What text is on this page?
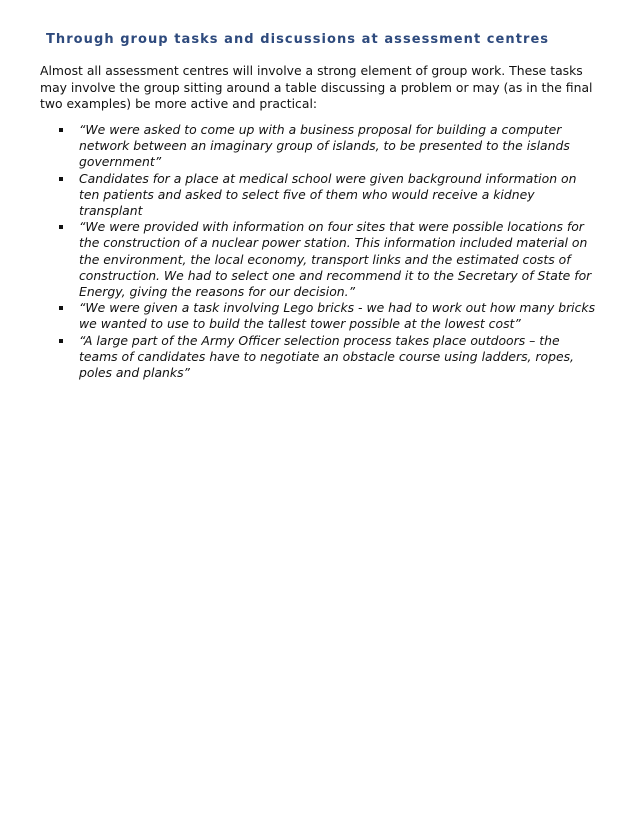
Through group tasks and discussions at assessment centres

Almost all assessment centres will involve a strong element of group work. These tasks may involve the group sitting around a table discussing a problem or may (as in the final two examples) be more active and practical:

“We were asked to come up with a business proposal for building a computer network between an imaginary group of islands, to be presented to the islands government”
Candidates for a place at medical school were given background information on ten patients and asked to select five of them who would receive a kidney transplant
“We were provided with information on four sites that were possible locations for the construction of a nuclear power station. This information included material on the environment, the local economy, transport links and the estimated costs of construction. We had to select one and recommend it to the Secretary of State for Energy, giving the reasons for our decision.”
“We were given a task involving Lego bricks - we had to work out how many bricks we wanted to use to build the tallest tower possible at the lowest cost”
“A large part of the Army Officer selection process takes place outdoors – the teams of candidates have to negotiate an obstacle course using ladders, ropes, poles and planks”
